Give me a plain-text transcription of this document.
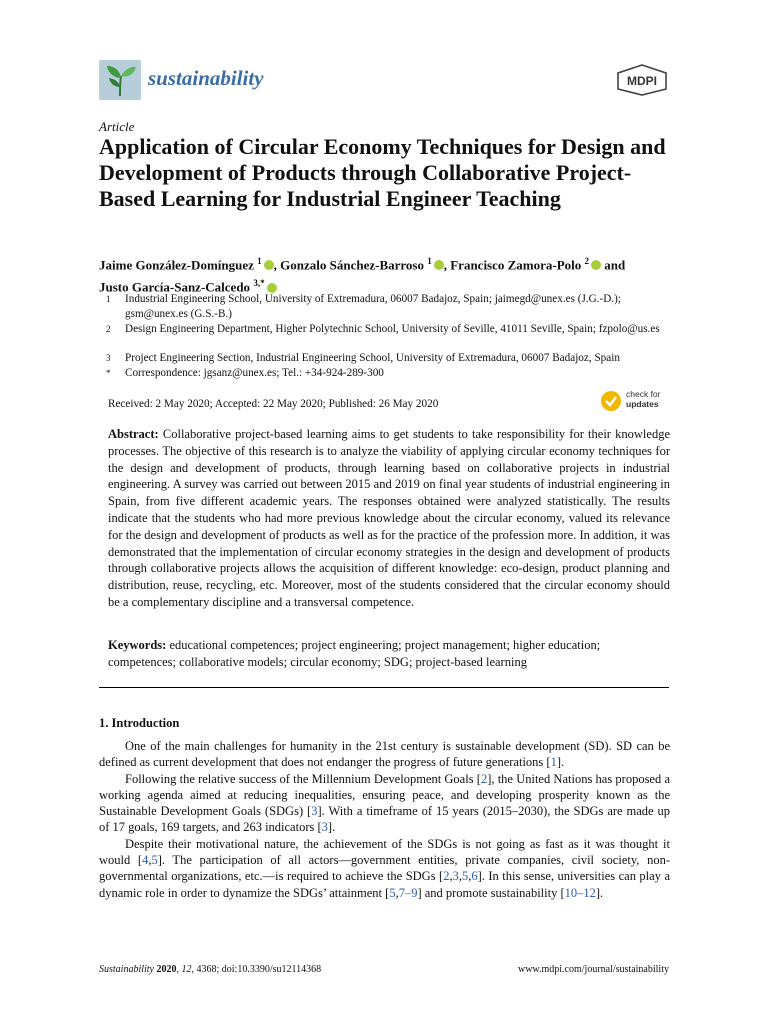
sustainability	MDPI
Article
Application of Circular Economy Techniques for Design and Development of Products through Collaborative Project-Based Learning for Industrial Engineer Teaching
Jaime González-Domínguez $^1$ , Gonzalo Sánchez-Barroso $^1$ , Francisco Zamora-Polo $^2$ and
Justo García-Sanz-Calcedo $^{3,*}$
1 Industrial Engineering School, University of Extremadura, 06007 Badajoz, Spain; jaimegd@unex.es (J.G.-D.); gsm@unex.es (G.S.-B.)
2 Design Engineering Department, Higher Polytechnic School, University of Seville, 41011 Seville, Spain; fzpolo@us.es
3 Project Engineering Section, Industrial Engineering School, University of Extremadura, 06007 Badajoz, Spain
* Correspondence: jgsanz@unex.es; Tel.: +34-924-289-300
Received: 2 May 2020; Accepted: 22 May 2020; Published: 26 May 2020
check for
updates
Abstract: Collaborative project-based learning aims to get students to take responsibility for their knowledge processes. The objective of this research is to analyze the viability of applying circular economy techniques for the design and development of products, through learning based on collaborative projects in industrial engineering. A survey was carried out between 2015 and 2019 on final year students of industrial engineering in Spain, from five different academic years. The responses obtained were analyzed statistically. The results indicate that the students who had more previous knowledge about the circular economy, valued its relevance for the design and development of products as well as for the practice of the profession more. In addition, it was demonstrated that the implementation of circular economy strategies in the design and development of products through collaborative projects allows the acquisition of different knowledge: eco-design, product planning and distribution, reuse, recycling, etc. Moreover, most of the students considered that the circular economy should be a complementary discipline and a transversal competence.
Keywords: educational competences; project engineering; project management; higher education; competences; collaborative models; circular economy; SDG; project-based learning
1. Introduction

One of the main challenges for humanity in the 21st century is sustainable development (SD). SD can be defined as current development that does not endanger the progress of future generations [1].

Following the relative success of the Millennium Development Goals [2], the United Nations has proposed a working agenda aimed at reducing inequalities, ensuring peace, and developing prosperity known as the Sustainable Development Goals (SDGs) [3]. With a timeframe of 15 years (2015–2030), the SDGs are made up of 17 goals, 169 targets, and 263 indicators [3].

Despite their motivational nature, the achievement of the SDGs is not going as fast as it was thought it would [4,5]. The participation of all actors—government entities, private companies, civil society, non-governmental organizations, etc.—is required to achieve the SDGs [2,3,5,6]. In this sense, universities can play a dynamic role in order to dynamize the SDGs’ attainment [5,7–9] and promote sustainability [10–12].

Sustainability 2020, 12, 4368; doi:10.3390/su12114368	www.mdpi.com/journal/sustainability
